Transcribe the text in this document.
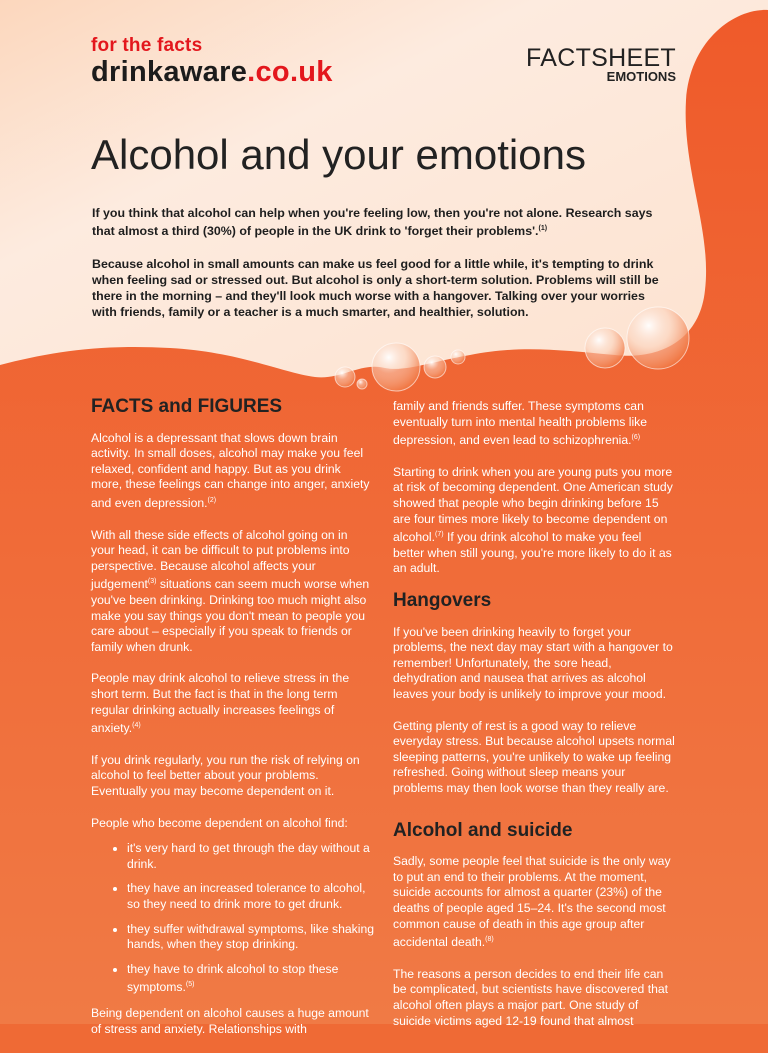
for the facts
drinkaware.co.uk	FACTSHEET
EMOTIONS
Alcohol and your emotions

If you think that alcohol can help when you're feeling low, then you're not alone. Research says that almost a third (30%) of people in the UK drink to 'forget their problems'.$^{(1)}$

Because alcohol in small amounts can make us feel good for a little while, it's tempting to drink when feeling sad or stressed out. But alcohol is only a short-term solution. Problems will still be there in the morning – and they'll look much worse with a hangover. Talking over your worries with friends, family or a teacher is a much smarter, and healthier, solution.

FACTS and FIGURES

Alcohol is a depressant that slows down brain activity. In small doses, alcohol may make you feel relaxed, confident and happy. But as you drink more, these feelings can change into anger, anxiety and even depression.$^{(2)}$

With all these side effects of alcohol going on in your head, it can be difficult to put problems into perspective. Because alcohol affects your judgement$^{(3)}$ situations can seem much worse when you've been drinking. Drinking too much might also make you say things you don't mean to people you care about – especially if you speak to friends or family when drunk.

People may drink alcohol to relieve stress in the short term. But the fact is that in the long term regular drinking actually increases feelings of anxiety.$^{(4)}$

If you drink regularly, you run the risk of relying on alcohol to feel better about your problems. Eventually you may become dependent on it.

People who become dependent on alcohol find:

• it's very hard to get through the day without a drink.
• they have an increased tolerance to alcohol, so they need to drink more to get drunk.
• they suffer withdrawal symptoms, like shaking hands, when they stop drinking.
• they have to drink alcohol to stop these symptoms.$^{(5)}$

Being dependent on alcohol causes a huge amount of stress and anxiety. Relationships with

family and friends suffer. These symptoms can eventually turn into mental health problems like depression, and even lead to schizophrenia.$^{(6)}$

Starting to drink when you are young puts you more at risk of becoming dependent. One American study showed that people who begin drinking before 15 are four times more likely to become dependent on alcohol.$^{(7)}$ If you drink alcohol to make you feel better when still young, you're more likely to do it as an adult.

Hangovers

If you've been drinking heavily to forget your problems, the next day may start with a hangover to remember! Unfortunately, the sore head, dehydration and nausea that arrives as alcohol leaves your body is unlikely to improve your mood.

Getting plenty of rest is a good way to relieve everyday stress. But because alcohol upsets normal sleeping patterns, you're unlikely to wake up feeling refreshed. Going without sleep means your problems may then look worse than they really are.

Alcohol and suicide

Sadly, some people feel that suicide is the only way to put an end to their problems. At the moment, suicide accounts for almost a quarter (23%) of the deaths of people aged 15–24. It's the second most common cause of death in this age group after accidental death.$^{(8)}$

The reasons a person decides to end their life can be complicated, but scientists have discovered that alcohol often plays a major part. One study of suicide victims aged 12-19 found that almost
